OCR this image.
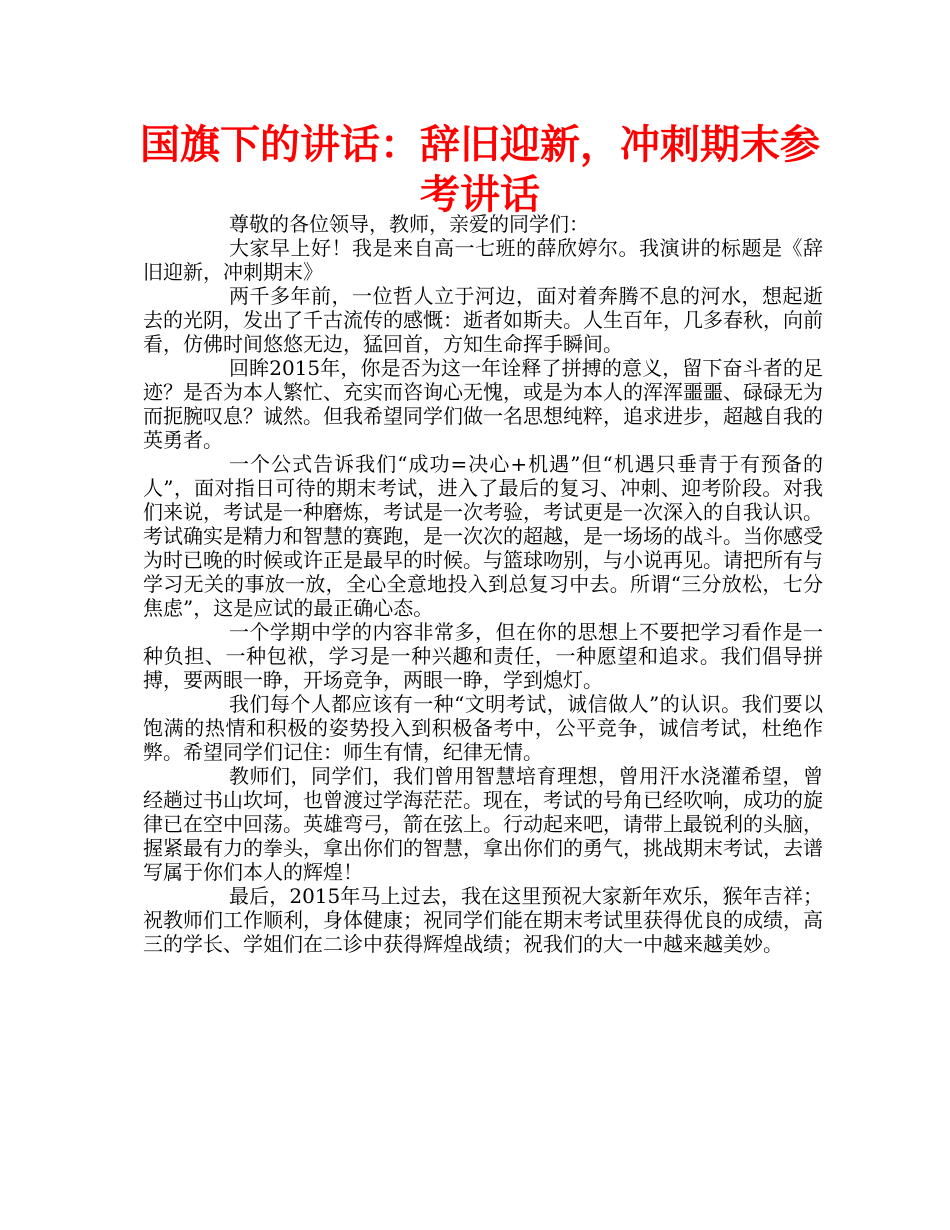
国旗下的讲话：辞旧迎新，冲刺期末参考讲话

尊敬的各位领导，教师，亲爱的同学们：

大家早上好！我是来自高一七班的薛欣婷尔。我演讲的标题是《辞旧迎新，冲刺期末》

两千多年前，一位哲人立于河边，面对着奔腾不息的河水，想起逝去的光阴，发出了千古流传的感慨：逝者如斯夫。人生百年，几多春秋，向前看，仿佛时间悠悠无边，猛回首，方知生命挥手瞬间。

回眸2015年，你是否为这一年诠释了拼搏的意义，留下奋斗者的足迹？是否为本人繁忙、充实而咨询心无愧，或是为本人的浑浑噩噩、碌碌无为而扼腕叹息？诚然。但我希望同学们做一名思想纯粹，追求进步，超越自我的英勇者。

一个公式告诉我们“成功=决心+机遇”但“机遇只垂青于有预备的人”，面对指日可待的期末考试，进入了最后的复习、冲刺、迎考阶段。对我们来说，考试是一种磨炼，考试是一次考验，考试更是一次深入的自我认识。考试确实是精力和智慧的赛跑，是一次次的超越，是一场场的战斗。当你感受为时已晚的时候或许正是最早的时候。与篮球吻别，与小说再见。请把所有与学习无关的事放一放，全心全意地投入到总复习中去。所谓“三分放松，七分焦虑”，这是应试的最正确心态。

一个学期中学的内容非常多，但在你的思想上不要把学习看作是一种负担、一种包袱，学习是一种兴趣和责任，一种愿望和追求。我们倡导拼搏，要两眼一睁，开场竞争，两眼一睁，学到熄灯。

我们每个人都应该有一种“文明考试，诚信做人”的认识。我们要以饱满的热情和积极的姿势投入到积极备考中，公平竞争，诚信考试，杜绝作弊。希望同学们记住：师生有情，纪律无情。

教师们，同学们，我们曾用智慧培育理想，曾用汗水浇灌希望，曾经趟过书山坎坷，也曾渡过学海茫茫。现在，考试的号角已经吹响，成功的旋律已在空中回荡。英雄弯弓，箭在弦上。行动起来吧，请带上最锐利的头脑，握紧最有力的拳头，拿出你们的智慧，拿出你们的勇气，挑战期末考试，去谱写属于你们本人的辉煌！

最后，2015年马上过去，我在这里预祝大家新年欢乐，猴年吉祥；祝教师们工作顺利，身体健康；祝同学们能在期末考试里获得优良的成绩，高三的学长、学姐们在二诊中获得辉煌战绩；祝我们的大一中越来越美妙。
